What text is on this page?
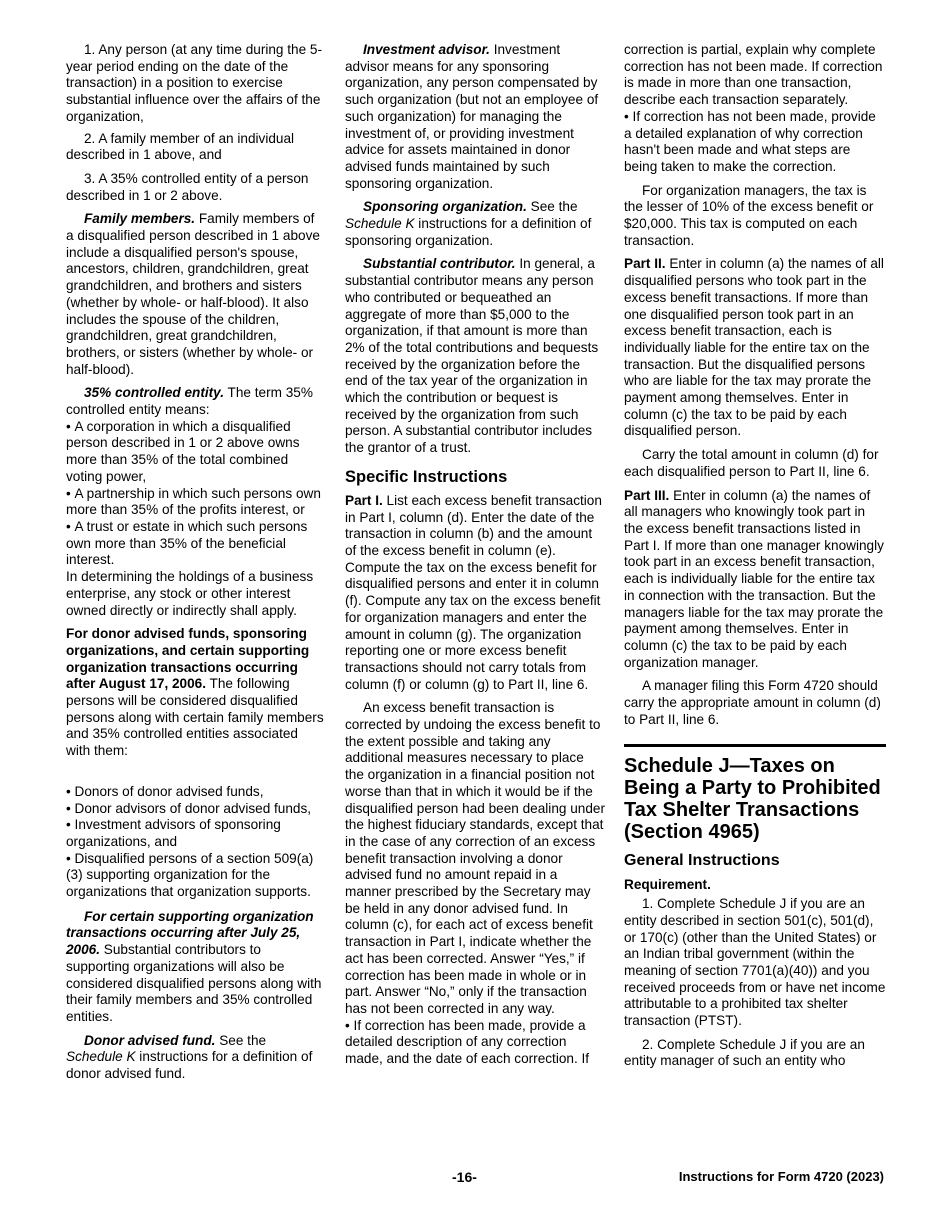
1. Any person (at any time during the 5-year period ending on the date of the transaction) in a position to exercise substantial influence over the affairs of the organization,

2. A family member of an individual described in 1 above, and

3. A 35% controlled entity of a person described in 1 or 2 above.

Family members. Family members of a disqualified person described in 1 above include a disqualified person's spouse, ancestors, children, grandchildren, great grandchildren, and brothers and sisters (whether by whole- or half-blood). It also includes the spouse of the children, grandchildren, great grandchildren, brothers, or sisters (whether by whole- or half-blood).

35% controlled entity. The term 35% controlled entity means:

• A corporation in which a disqualified person described in 1 or 2 above owns more than 35% of the total combined voting power,

• A partnership in which such persons own more than 35% of the profits interest, or

• A trust or estate in which such persons own more than 35% of the beneficial interest.

In determining the holdings of a business enterprise, any stock or other interest owned directly or indirectly shall apply.

For donor advised funds, sponsoring organizations, and certain supporting organization transactions occurring after August 17, 2006. The following persons will be considered disqualified persons along with certain family members and 35% controlled entities associated with them:

• Donors of donor advised funds,

• Donor advisors of donor advised funds,

• Investment advisors of sponsoring organizations, and

• Disqualified persons of a section 509(a)(3) supporting organization for the organizations that organization supports.

For certain supporting organization transactions occurring after July 25, 2006. Substantial contributors to supporting organizations will also be considered disqualified persons along with their family members and 35% controlled entities.

Donor advised fund. See the Schedule K instructions for a definition of donor advised fund.

Investment advisor. Investment advisor means for any sponsoring organization, any person compensated by such organization (but not an employee of such organization) for managing the investment of, or providing investment advice for assets maintained in donor advised funds maintained by such sponsoring organization.

Sponsoring organization. See the Schedule K instructions for a definition of sponsoring organization.

Substantial contributor. In general, a substantial contributor means any person who contributed or bequeathed an aggregate of more than $5,000 to the organization, if that amount is more than 2% of the total contributions and bequests received by the organization before the end of the tax year of the organization in which the contribution or bequest is received by the organization from such person. A substantial contributor includes the grantor of a trust.

Specific Instructions

Part I. List each excess benefit transaction in Part I, column (d). Enter the date of the transaction in column (b) and the amount of the excess benefit in column (e). Compute the tax on the excess benefit for disqualified persons and enter it in column (f). Compute any tax on the excess benefit for organization managers and enter the amount in column (g). The organization reporting one or more excess benefit transactions should not carry totals from column (f) or column (g) to Part II, line 6.

An excess benefit transaction is corrected by undoing the excess benefit to the extent possible and taking any additional measures necessary to place the organization in a financial position not worse than that in which it would be if the disqualified person had been dealing under the highest fiduciary standards, except that in the case of any correction of an excess benefit transaction involving a donor advised fund no amount repaid in a manner prescribed by the Secretary may be held in any donor advised fund. In column (c), for each act of excess benefit transaction in Part I, indicate whether the act has been corrected. Answer “Yes,” if correction has been made in whole or in part. Answer “No,” only if the transaction has not been corrected in any way.

• If correction has been made, provide a detailed description of any correction made, and the date of each correction. If

correction is partial, explain why complete correction has not been made. If correction is made in more than one transaction, describe each transaction separately.

• If correction has not been made, provide a detailed explanation of why correction hasn't been made and what steps are being taken to make the correction.

For organization managers, the tax is the lesser of 10% of the excess benefit or $20,000. This tax is computed on each transaction.

Part II. Enter in column (a) the names of all disqualified persons who took part in the excess benefit transactions. If more than one disqualified person took part in an excess benefit transaction, each is individually liable for the entire tax on the transaction. But the disqualified persons who are liable for the tax may prorate the payment among themselves. Enter in column (c) the tax to be paid by each disqualified person.

Carry the total amount in column (d) for each disqualified person to Part II, line 6.

Part III. Enter in column (a) the names of all managers who knowingly took part in the excess benefit transactions listed in Part I. If more than one manager knowingly took part in an excess benefit transaction, each is individually liable for the entire tax in connection with the transaction. But the managers liable for the tax may prorate the payment among themselves. Enter in column (c) the tax to be paid by each organization manager.

A manager filing this Form 4720 should carry the appropriate amount in column (d) to Part II, line 6.

Schedule J—Taxes on Being a Party to Prohibited Tax Shelter Transactions (Section 4965)
General Instructions
Requirement.

1. Complete Schedule J if you are an entity described in section 501(c), 501(d), or 170(c) (other than the United States) or an Indian tribal government (within the meaning of section 7701(a)(40)) and you received proceeds from or have net income attributable to a prohibited tax shelter transaction (PTST).

2. Complete Schedule J if you are an entity manager of such an entity who

-16-	Instructions for Form 4720 (2023)
